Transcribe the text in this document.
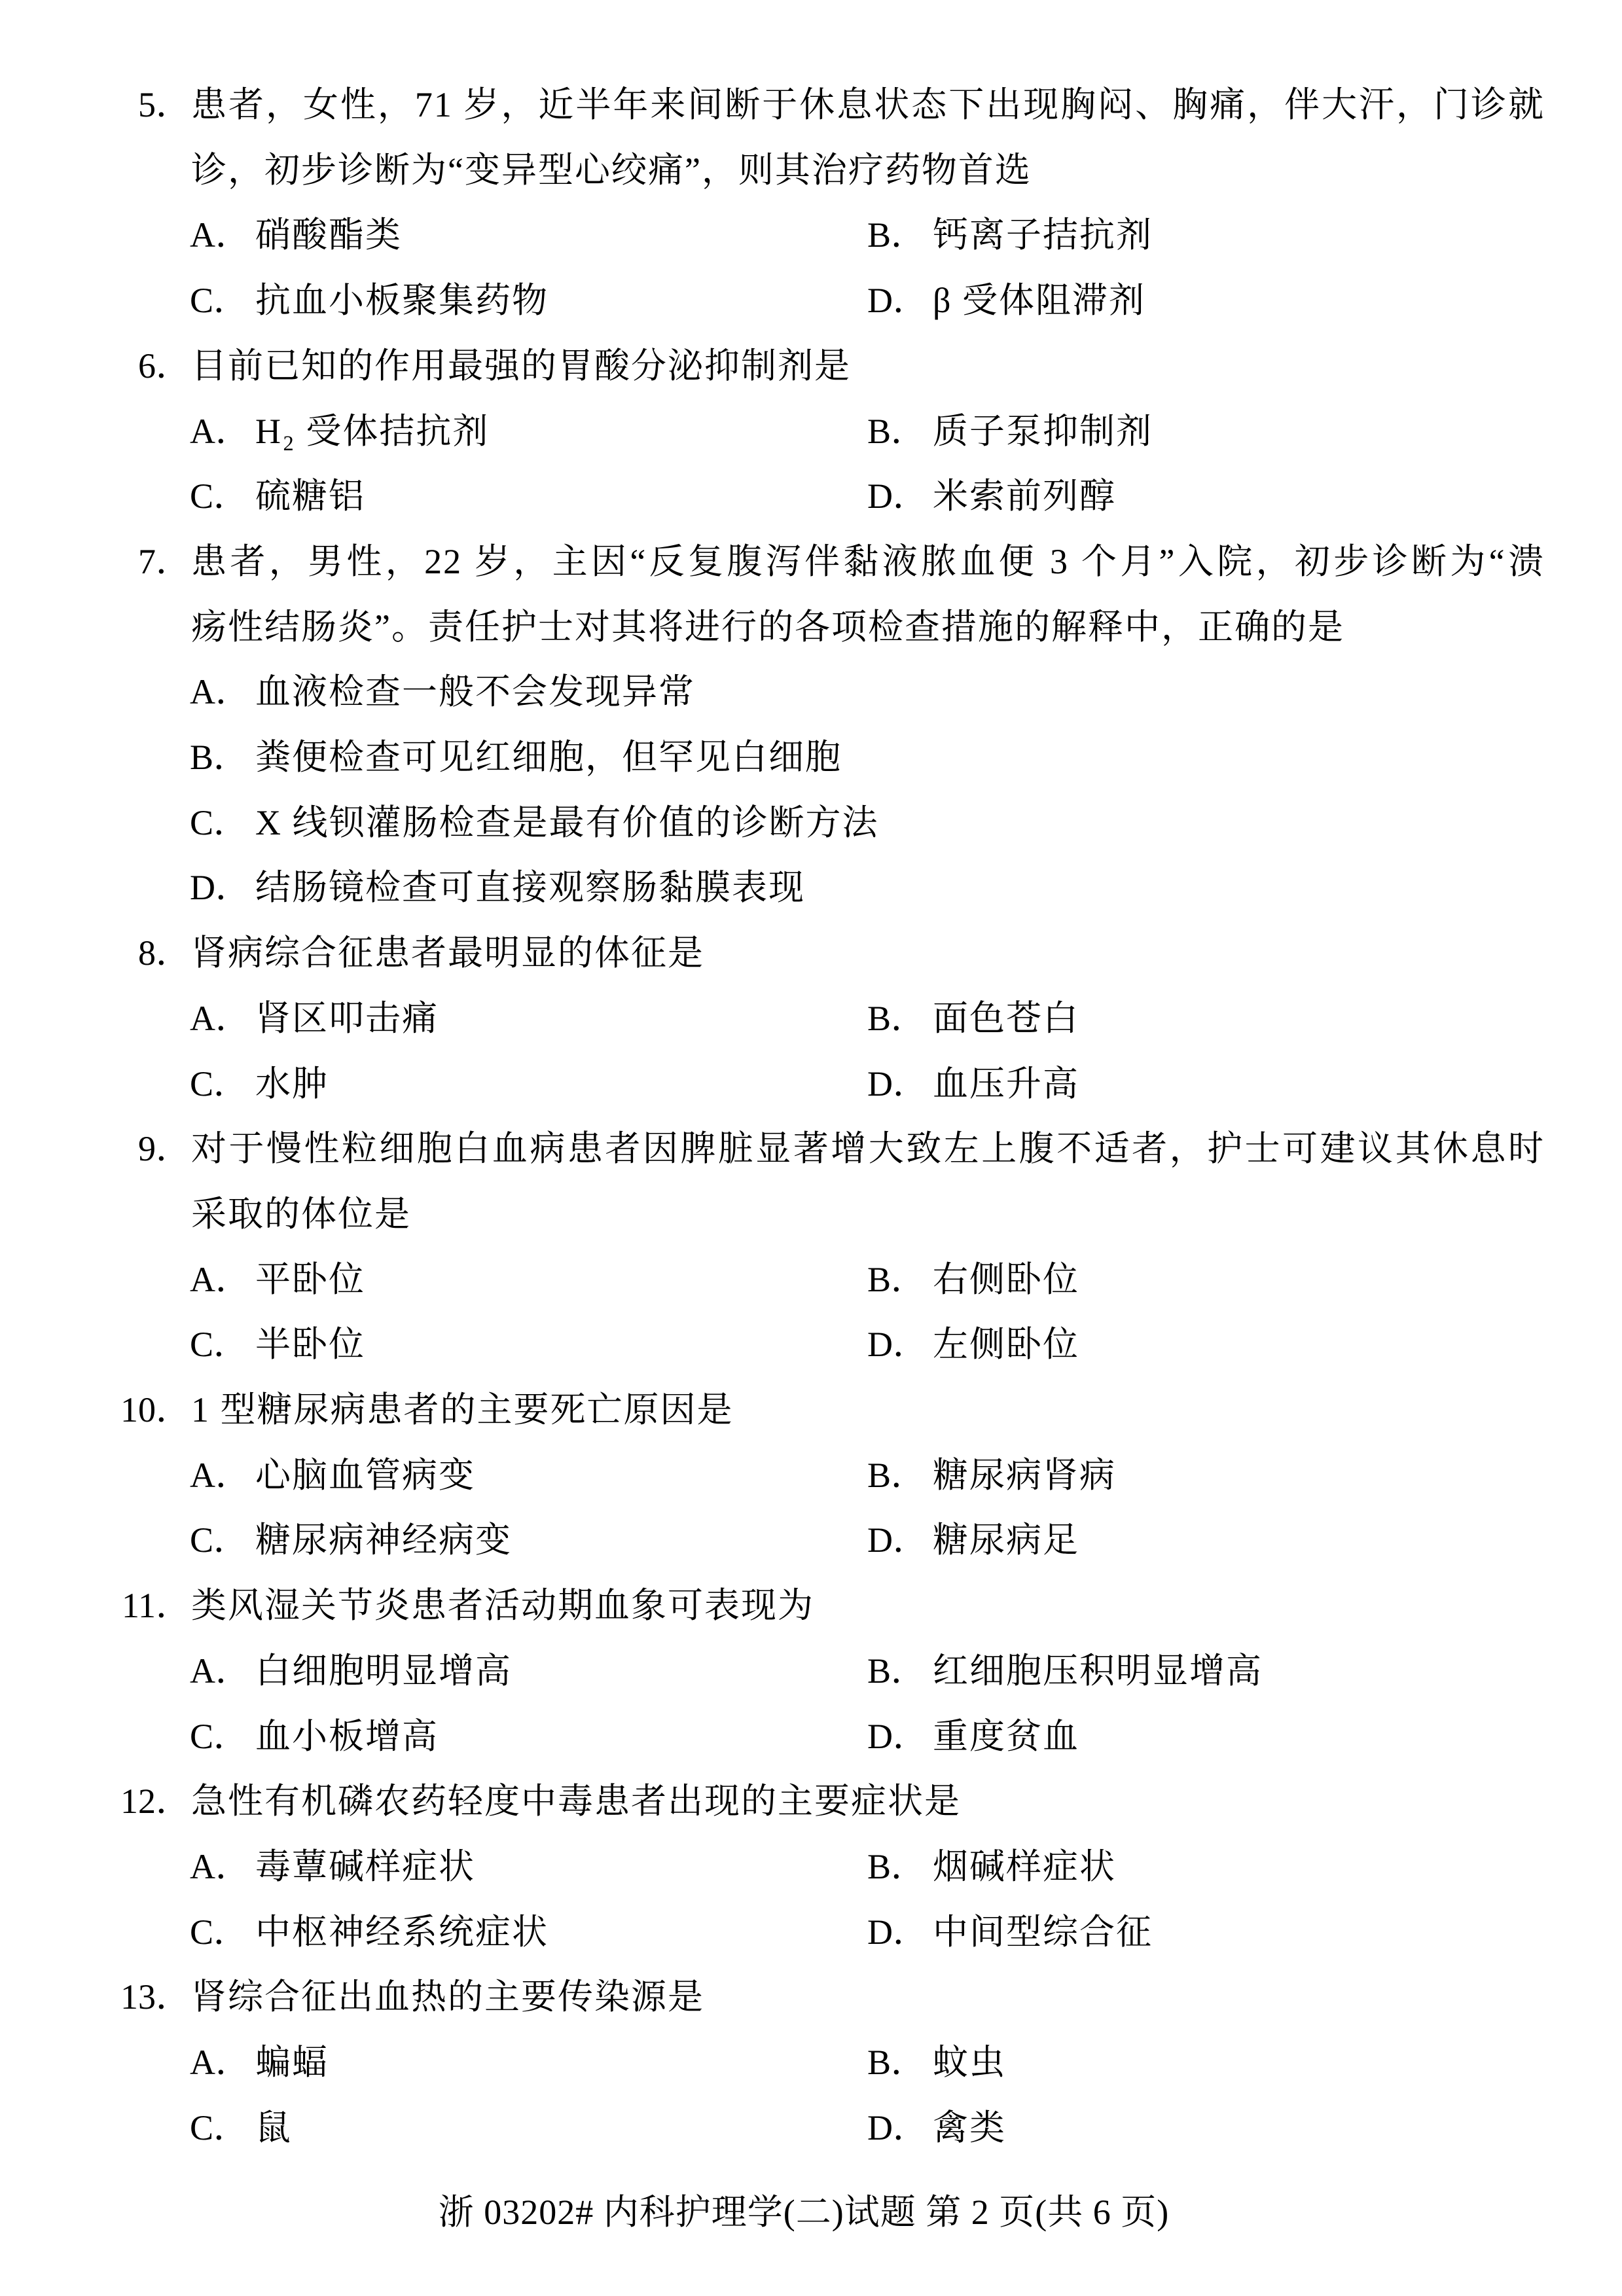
5． 患者，女性，71 岁，近半年来间断于休息状态下出现胸闷、胸痛，伴大汗，门诊就
诊，初步诊断为“变异型心绞痛”，则其治疗药物首选
A． 硝酸酯类	B． 钙离子拮抗剂
C． 抗血小板聚集药物	D． β 受体阻滞剂
6． 目前已知的作用最强的胃酸分泌抑制剂是
A． H₂ 受体拮抗剂	B． 质子泵抑制剂
C． 硫糖铝	D． 米索前列醇
7． 患者，男性，22 岁，主因“反复腹泻伴黏液脓血便 3 个月”入院，初步诊断为“溃
疡性结肠炎”。责任护士对其将进行的各项检查措施的解释中，正确的是
A． 血液检查一般不会发现异常
B． 粪便检查可见红细胞，但罕见白细胞
C． X 线钡灌肠检查是最有价值的诊断方法
D． 结肠镜检查可直接观察肠黏膜表现
8． 肾病综合征患者最明显的体征是
A． 肾区叩击痛	B． 面色苍白
C． 水肿	D． 血压升高
9． 对于慢性粒细胞白血病患者因脾脏显著增大致左上腹不适者，护士可建议其休息时
采取的体位是
A． 平卧位	B． 右侧卧位
C． 半卧位	D． 左侧卧位
10． 1 型糖尿病患者的主要死亡原因是
A． 心脑血管病变	B． 糖尿病肾病
C． 糖尿病神经病变	D． 糖尿病足
11． 类风湿关节炎患者活动期血象可表现为
A． 白细胞明显增高	B． 红细胞压积明显增高
C． 血小板增高	D． 重度贫血
12． 急性有机磷农药轻度中毒患者出现的主要症状是
A． 毒蕈碱样症状	B． 烟碱样症状
C． 中枢神经系统症状	D． 中间型综合征
13． 肾综合征出血热的主要传染源是
A． 蝙蝠	B． 蚊虫
C． 鼠	D． 禽类
浙 03202# 内科护理学(二)试题 第 2 页(共 6 页)
